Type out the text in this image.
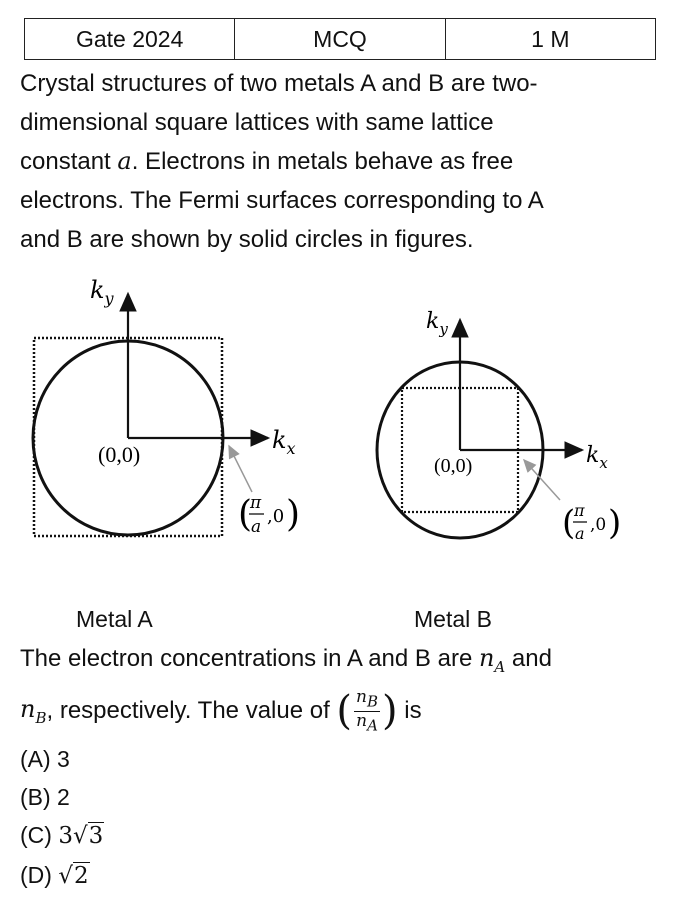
Gate 2024	MCQ	1 M
Crystal structures of two metals A and B are two-
dimensional square lattices with same lattice
constant a. Electrons in metals behave as free
electrons. The Fermi surfaces corresponding to A
and B are shown by solid circles in figures.
$k_y$
$k_x$
(0,0)
(
π
a ,0 )
$k_y$
$k_x$
(0,0)
(
π
a ,0 )
Metal A	Metal B
The electron concentrations in A and B are $n_A$ and
$n_B$ , respectively. The value of ( $\frac{n_B}{n_A}$ ) is
(A) 3
(B) 2
(C) 3√3
(D) √2
